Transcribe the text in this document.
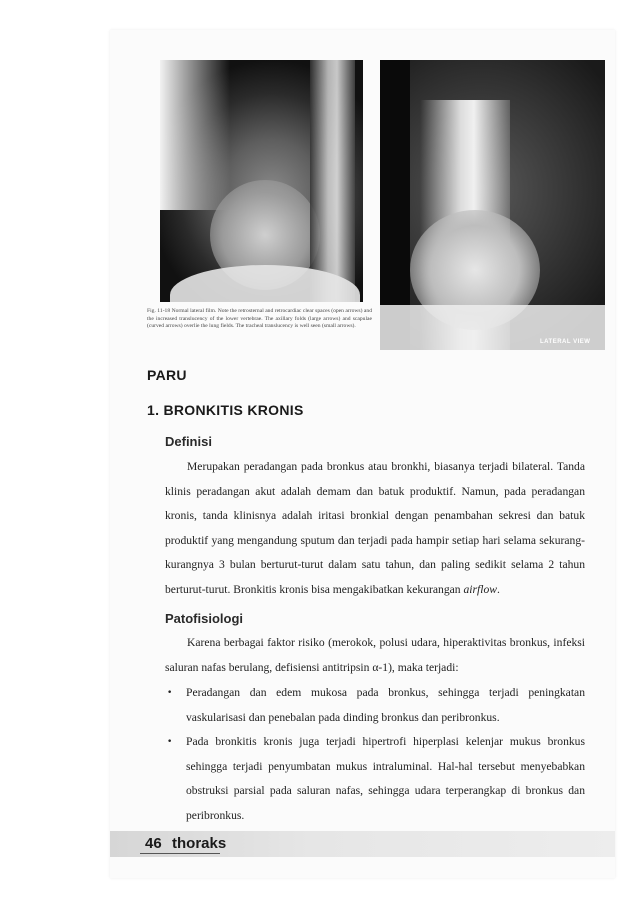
LATERAL VIEW
Fig. 11-18 Normal lateral film. Note the retrosternal and retrocardiac clear spaces (open arrows) and the increased translucency of the lower vertebrae. The axillary folds (large arrows) and scapulae (curved arrows) overlie the lung fields. The tracheal translucency is well seen (small arrows).
PARU
1. BRONKITIS KRONIS
Definisi
Merupakan peradangan pada bronkus atau bronkhi, biasanya terjadi bilateral. Tanda klinis peradangan akut adalah demam dan batuk produktif. Namun, pada peradangan kronis, tanda klinisnya adalah iritasi bronkial dengan penambahan sekresi dan batuk produktif yang mengandung sputum dan terjadi pada hampir setiap hari selama sekurang-kurangnya 3 bulan berturut-turut dalam satu tahun, dan paling sedikit selama 2 tahun berturut-turut. Bronkitis kronis bisa mengakibatkan kekurangan airflow.
Patofisiologi
Karena berbagai faktor risiko (merokok, polusi udara, hiperaktivitas bronkus, infeksi saluran nafas berulang, defisiensi antitripsin α-1), maka terjadi:
• Peradangan dan edem mukosa pada bronkus, sehingga terjadi peningkatan vaskularisasi dan penebalan pada dinding bronkus dan peribronkus.
• Pada bronkitis kronis juga terjadi hipertrofi hiperplasi kelenjar mukus bronkus sehingga terjadi penyumbatan mukus intraluminal. Hal-hal tersebut menyebabkan obstruksi parsial pada saluran nafas, sehingga udara terperangkap di bronkus dan peribronkus.
46 thoraks
